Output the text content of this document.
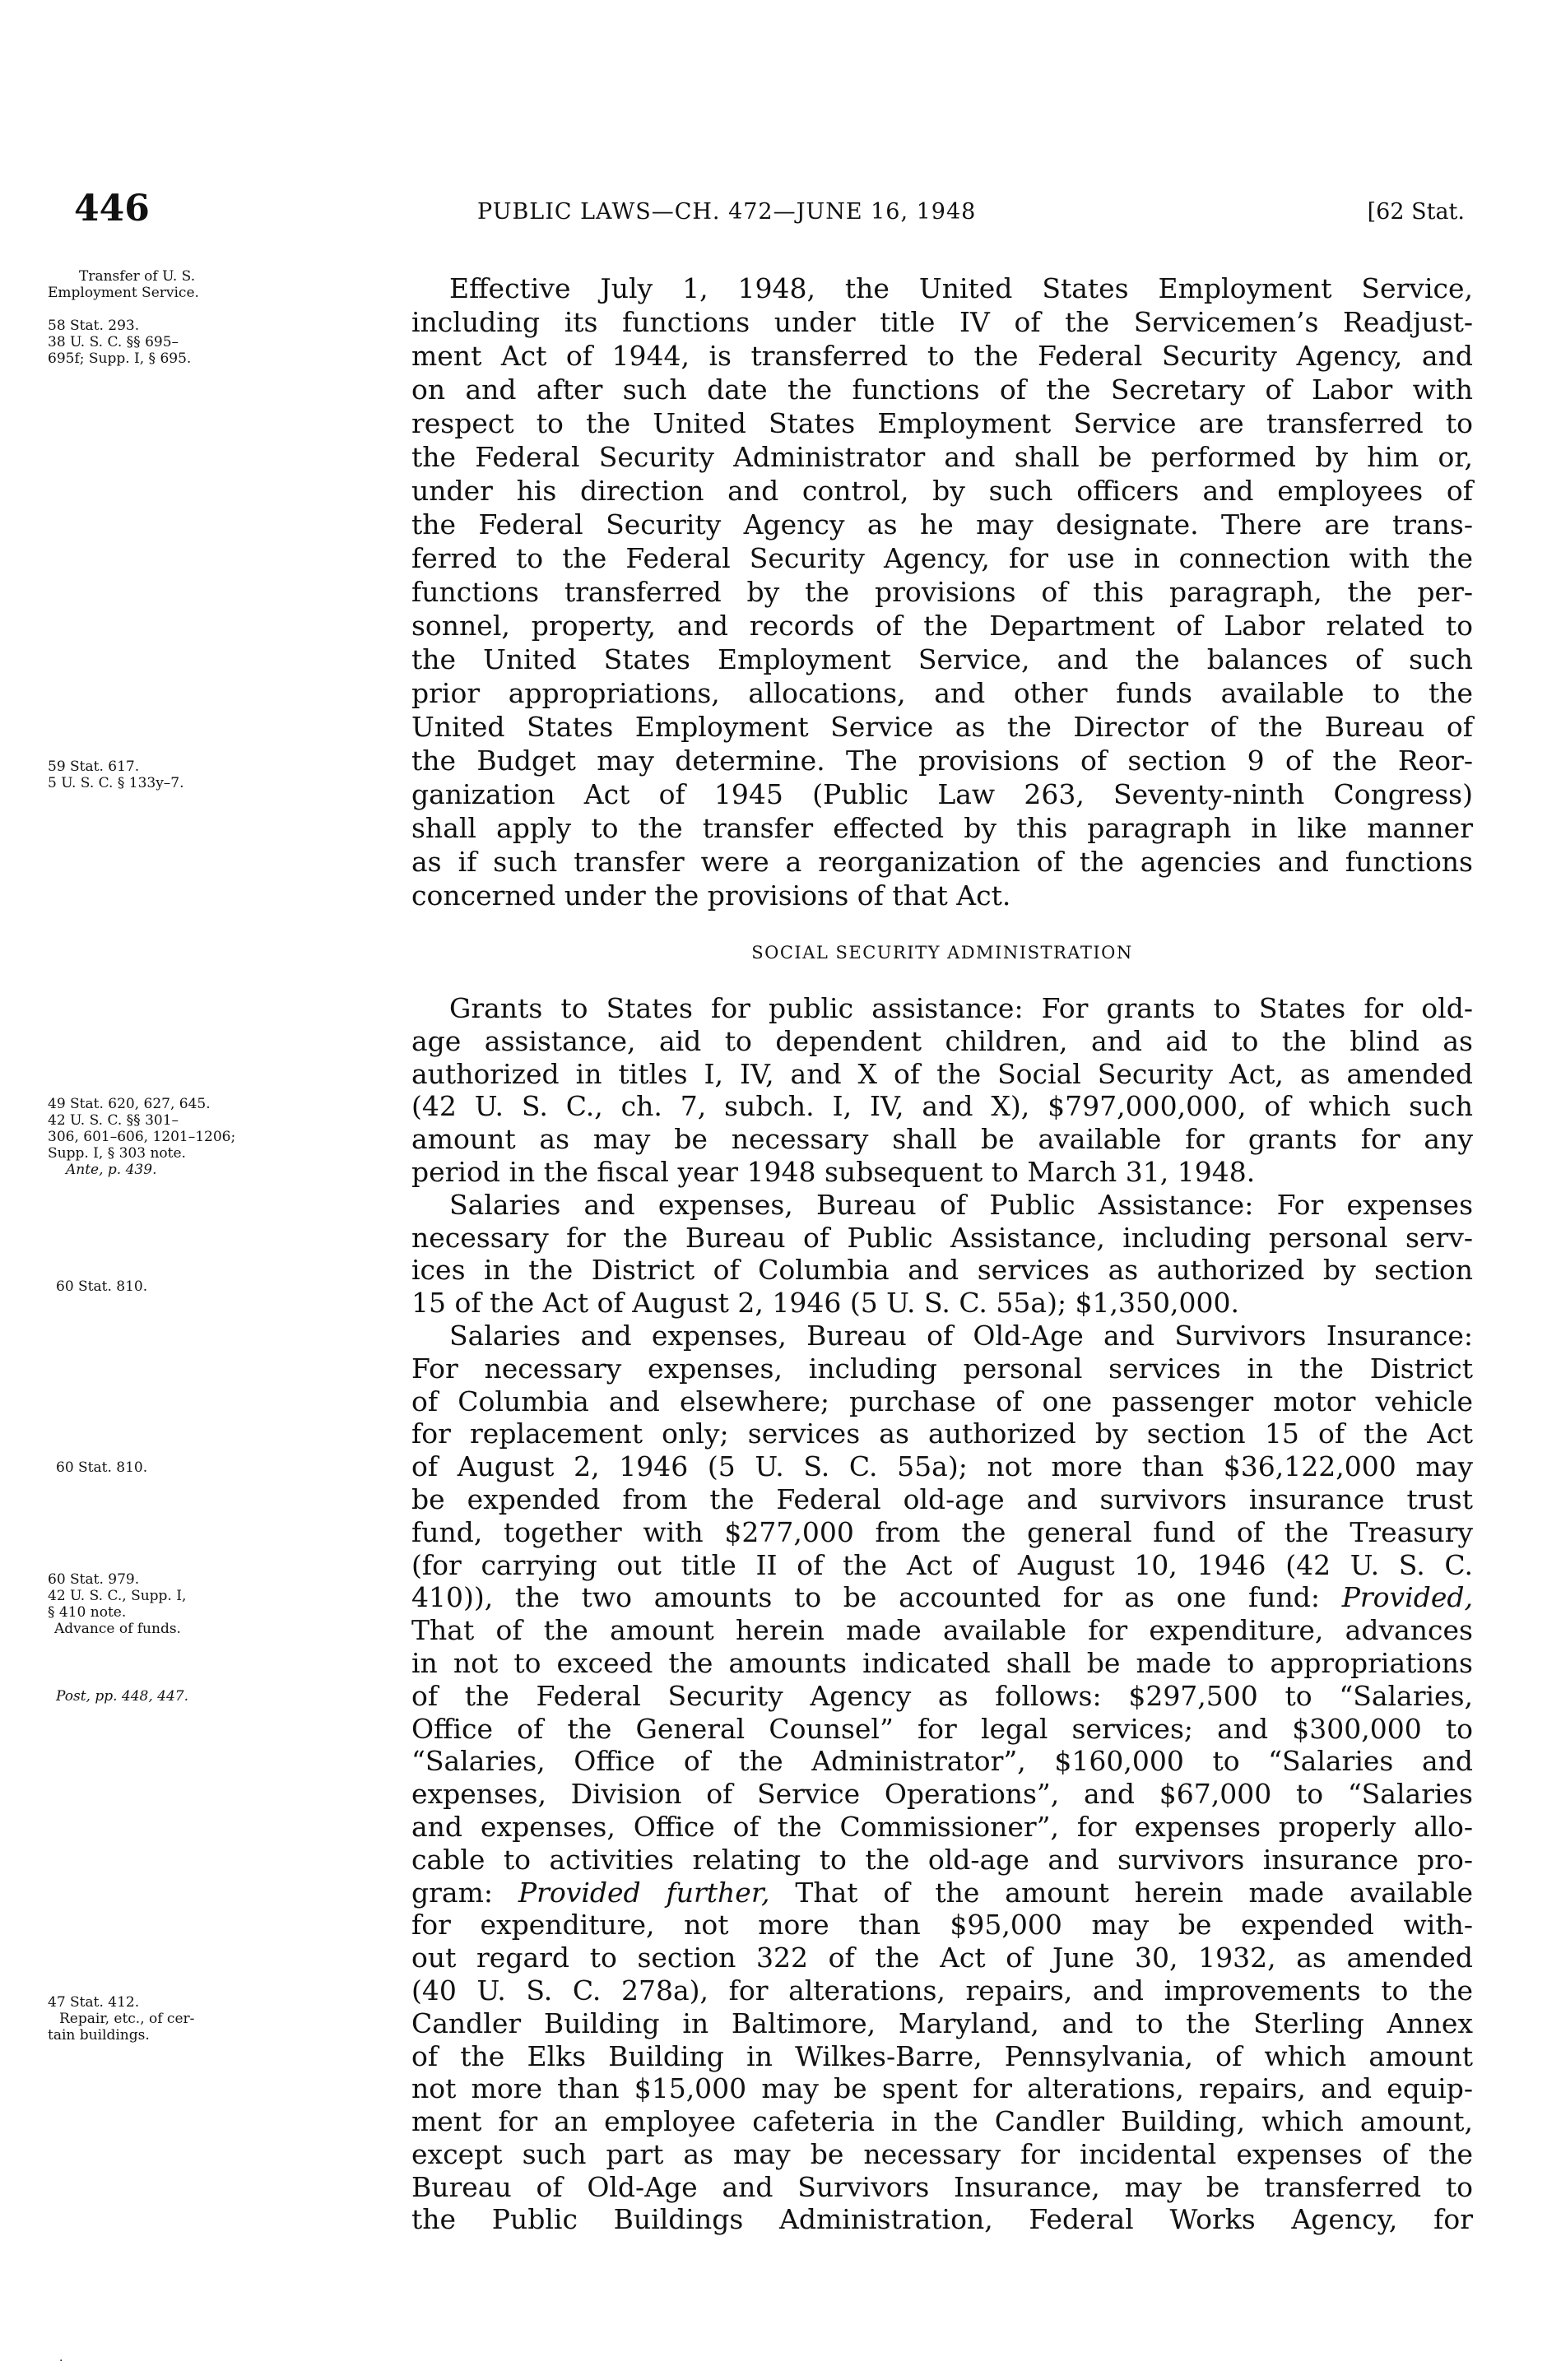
446	PUBLIC LAWS—CH. 472—JUNE 16, 1948	[62 Stat.
Transfer of U. S.
Employment Service.
58 Stat. 293.
38 U. S. C. §§ 695–
695f; Supp. I, § 695.
59 Stat. 617.
5 U. S. C. § 133y–7.
49 Stat. 620, 627, 645.
42 U. S. C. §§ 301–
306, 601–606, 1201–1206;
Supp. I, § 303 note.
Ante, p. 439.
60 Stat. 810.
60 Stat. 810.
60 Stat. 979.
42 U. S. C., Supp. I,
§ 410 note.
Advance of funds.
Post, pp. 448, 447.
47 Stat. 412.
Repair, etc., of cer-
tain buildings.
Effective July 1, 1948, the United States Employment Service,
including its functions under title IV of the Servicemen’s Readjust-
ment Act of 1944, is transferred to the Federal Security Agency, and
on and after such date the functions of the Secretary of Labor with
respect to the United States Employment Service are transferred to
the Federal Security Administrator and shall be performed by him or,
under his direction and control, by such officers and employees of
the Federal Security Agency as he may designate. There are trans-
ferred to the Federal Security Agency, for use in connection with the
functions transferred by the provisions of this paragraph, the per-
sonnel, property, and records of the Department of Labor related to
the United States Employment Service, and the balances of such
prior appropriations, allocations, and other funds available to the
United States Employment Service as the Director of the Bureau of
the Budget may determine. The provisions of section 9 of the Reor-
ganization Act of 1945 (Public Law 263, Seventy-ninth Congress)
shall apply to the transfer effected by this paragraph in like manner
as if such transfer were a reorganization of the agencies and functions
concerned under the provisions of that Act.
SOCIAL SECURITY ADMINISTRATION
Grants to States for public assistance: For grants to States for old-
age assistance, aid to dependent children, and aid to the blind as
authorized in titles I, IV, and X of the Social Security Act, as amended
(42 U. S. C., ch. 7, subch. I, IV, and X), $797,000,000, of which such
amount as may be necessary shall be available for grants for any
period in the fiscal year 1948 subsequent to March 31, 1948.
Salaries and expenses, Bureau of Public Assistance: For expenses
necessary for the Bureau of Public Assistance, including personal serv-
ices in the District of Columbia and services as authorized by section
15 of the Act of August 2, 1946 (5 U. S. C. 55a); $1,350,000.
Salaries and expenses, Bureau of Old-Age and Survivors Insurance:
For necessary expenses, including personal services in the District
of Columbia and elsewhere; purchase of one passenger motor vehicle
for replacement only; services as authorized by section 15 of the Act
of August 2, 1946 (5 U. S. C. 55a); not more than $36,122,000 may
be expended from the Federal old-age and survivors insurance trust
fund, together with $277,000 from the general fund of the Treasury
(for carrying out title II of the Act of August 10, 1946 (42 U. S. C.
410)), the two amounts to be accounted for as one fund: Provided,
That of the amount herein made available for expenditure, advances
in not to exceed the amounts indicated shall be made to appropriations
of the Federal Security Agency as follows: $297,500 to “Salaries,
Office of the General Counsel” for legal services; and $300,000 to
“Salaries, Office of the Administrator”, $160,000 to “Salaries and
expenses, Division of Service Operations”, and $67,000 to “Salaries
and expenses, Office of the Commissioner”, for expenses properly allo-
cable to activities relating to the old-age and survivors insurance pro-
gram: Provided further, That of the amount herein made available
for expenditure, not more than $95,000 may be expended with-
out regard to section 322 of the Act of June 30, 1932, as amended
(40 U. S. C. 278a), for alterations, repairs, and improvements to the
Candler Building in Baltimore, Maryland, and to the Sterling Annex
of the Elks Building in Wilkes-Barre, Pennsylvania, of which amount
not more than $15,000 may be spent for alterations, repairs, and equip-
ment for an employee cafeteria in the Candler Building, which amount,
except such part as may be necessary for incidental expenses of the
Bureau of Old-Age and Survivors Insurance, may be transferred to
the Public Buildings Administration, Federal Works Agency, for
·
